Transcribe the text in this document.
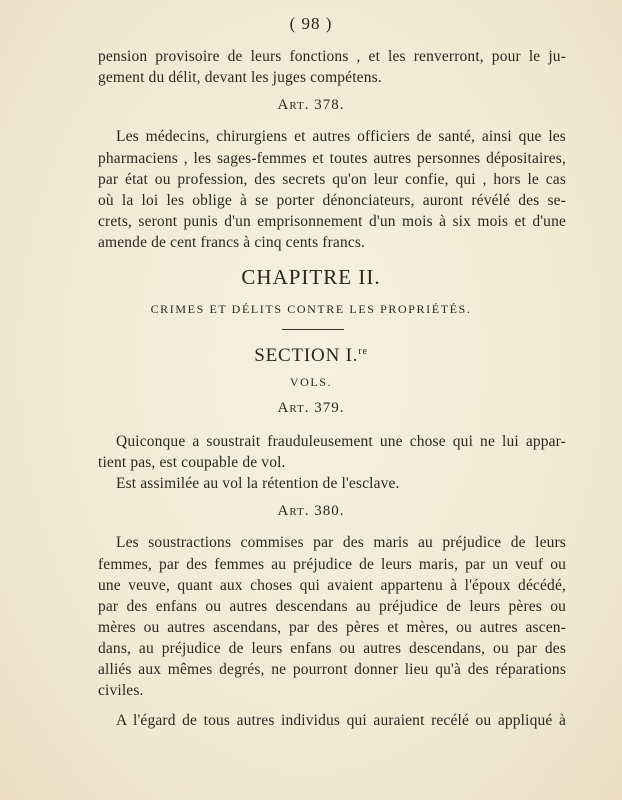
( 98 )
pension provisoire de leurs fonctions , et les renverront, pour le ju-
gement du délit, devant les juges compétens.
Art. 378.
Les médecins, chirurgiens et autres officiers de santé, ainsi que les
pharmaciens , les sages-femmes et toutes autres personnes dépositaires,
par état ou profession, des secrets qu'on leur confie, qui , hors le cas
où la loi les oblige à se porter dénonciateurs, auront révélé des se-
crets, seront punis d'un emprisonnement d'un mois à six mois et d'une
amende de cent francs à cinq cents francs.
CHAPITRE II.
CRIMES ET DÉLITS CONTRE LES PROPRIÉTÉS.
SECTION I.$^{re}$
VOLS.
Art. 379.
Quiconque a soustrait frauduleusement une chose qui ne lui appar-
tient pas, est coupable de vol.
Est assimilée au vol la rétention de l'esclave.
Art. 380.
Les soustractions commises par des maris au préjudice de leurs
femmes, par des femmes au préjudice de leurs maris, par un veuf ou
une veuve, quant aux choses qui avaient appartenu à l'époux décédé,
par des enfans ou autres descendans au préjudice de leurs pères ou
mères ou autres ascendans, par des pères et mères, ou autres ascen-
dans, au préjudice de leurs enfans ou autres descendans, ou par des
alliés aux mêmes degrés, ne pourront donner lieu qu'à des réparations
civiles.
A l'égard de tous autres individus qui auraient recélé ou appliqué à
